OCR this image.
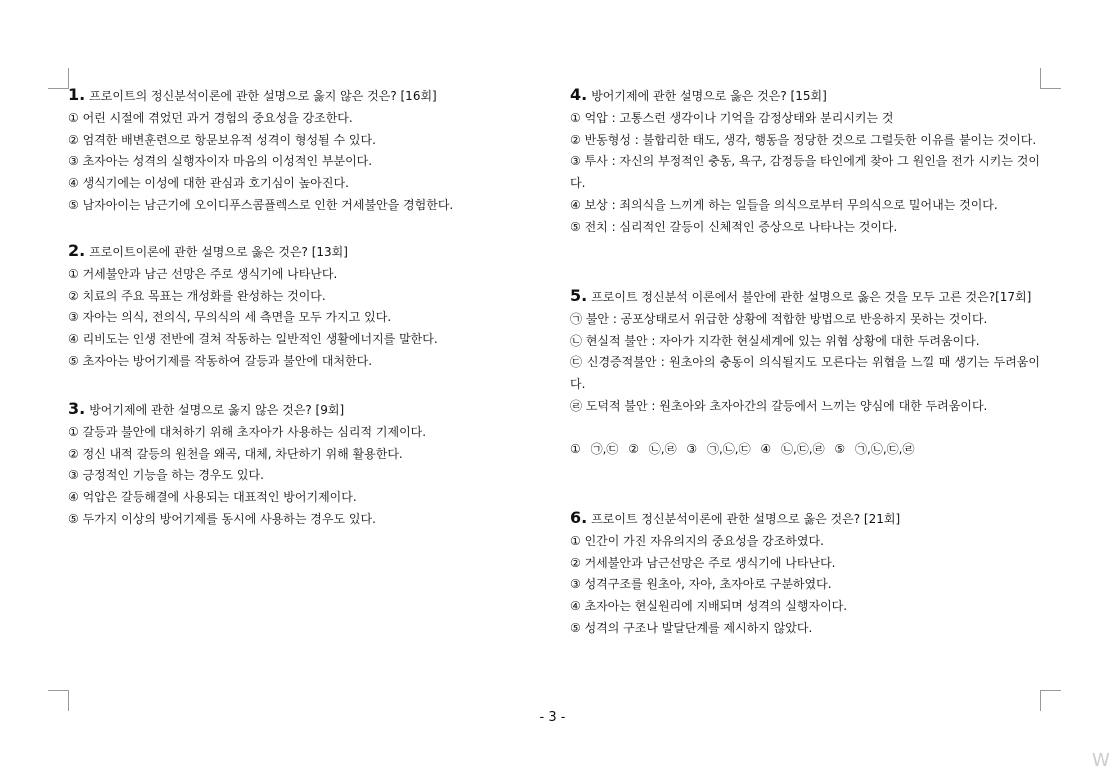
1. 프로이트의 정신분석이론에 관한 설명으로 옳지 않은 것은? [16회]
① 어린 시절에 겪었던 과거 경험의 중요성을 강조한다.
② 엄격한 배변훈련으로 항문보유적 성격이 형성될 수 있다.
③ 초자아는 성격의 실행자이자 마음의 이성적인 부분이다.
④ 생식기에는 이성에 대한 관심과 호기심이 높아진다.
⑤ 남자아이는 남근기에 오이디푸스콤플렉스로 인한 거세불안을 경험한다.
2. 프로이트이론에 관한 설명으로 옳은 것은? [13회]
① 거세불안과 남근 선망은 주로 생식기에 나타난다.
② 치료의 주요 목표는 개성화를 완성하는 것이다.
③ 자아는 의식, 전의식, 무의식의 세 측면을 모두 가지고 있다.
④ 리비도는 인생 전반에 걸쳐 작동하는 일반적인 생활에너지를 말한다.
⑤ 초자아는 방어기제를 작동하여 갈등과 불안에 대처한다.
3. 방어기제에 관한 설명으로 옳지 않은 것은? [9회]
① 갈등과 불안에 대처하기 위해 초자아가 사용하는 심리적 기제이다.
② 정신 내적 갈등의 원천을 왜곡, 대체, 차단하기 위해 활용한다.
③ 긍정적인 기능을 하는 경우도 있다.
④ 억압은 갈등해결에 사용되는 대표적인 방어기제이다.
⑤ 두가지 이상의 방어기제를 동시에 사용하는 경우도 있다.
4. 방어기제에 관한 설명으로 옳은 것은? [15회]
① 억압 : 고통스런 생각이나 기억을 감정상태와 분리시키는 것
② 반동형성 : 불합리한 태도, 생각, 행동을 정당한 것으로 그럴듯한 이유를 붙이는 것이다.
③ 투사 : 자신의 부정적인 충동, 욕구, 감정등을 타인에게 찾아 그 원인을 전가 시키는 것이다.
④ 보상 : 죄의식을 느끼게 하는 일들을 의식으로부터 무의식으로 밀어내는 것이다.
⑤ 전치 : 심리적인 갈등이 신체적인 증상으로 나타나는 것이다.
5. 프로이트 정신분석 이론에서 불안에 관한 설명으로 옳은 것을 모두 고른 것은?[17회]
㉠ 불안 : 공포상태로서 위급한 상황에 적합한 방법으로 반응하지 못하는 것이다.
㉡ 현실적 불안 : 자아가 지각한 현실세계에 있는 위협 상황에 대한 두려움이다.
㉢ 신경증적불안 : 원초아의 충동이 의식될지도 모른다는 위협을 느낄 때 생기는 두려움이다.
㉣ 도덕적 불안 : 원초아와 초자아간의 갈등에서 느끼는 양심에 대한 두려움이다.
① ㉠,㉢ ② ㉡,㉣ ③ ㉠,㉡,㉢ ④ ㉡,㉢,㉣ ⑤ ㉠,㉡,㉢,㉣
6. 프로이트 정신분석이론에 관한 설명으로 옳은 것은? [21회]
① 인간이 가진 자유의지의 중요성을 강조하였다.
② 거세불안과 남근선망은 주로 생식기에 나타난다.
③ 성격구조를 원초아, 자아, 초자아로 구분하였다.
④ 초자아는 현실원리에 지배되며 성격의 실행자이다.
⑤ 성격의 구조나 발달단계를 제시하지 않았다.
- 3 -
W
